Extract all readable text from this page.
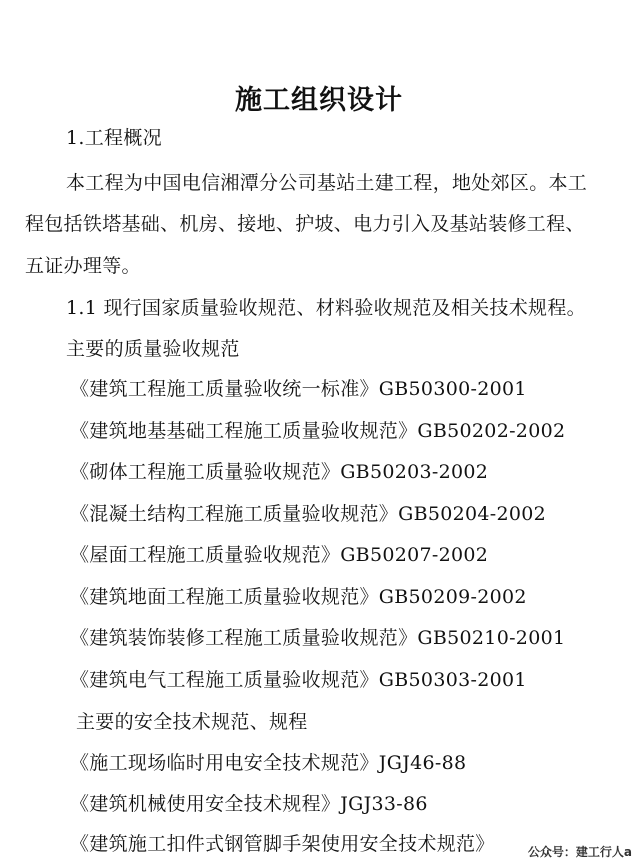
施工组织设计
1.工程概况
本工程为中国电信湘潭分公司基站土建工程，地处郊区。本工
程包括铁塔基础、机房、接地、护坡、电力引入及基站装修工程、
五证办理等。
1.1 现行国家质量验收规范、材料验收规范及相关技术规程。
主要的质量验收规范
《建筑工程施工质量验收统一标准》GB50300-2001
《建筑地基基础工程施工质量验收规范》GB50202-2002
《砌体工程施工质量验收规范》GB50203-2002
《混凝土结构工程施工质量验收规范》GB50204-2002
《屋面工程施工质量验收规范》GB50207-2002
《建筑地面工程施工质量验收规范》GB50209-2002
《建筑装饰装修工程施工质量验收规范》GB50210-2001
《建筑电气工程施工质量验收规范》GB50303-2001
主要的安全技术规范、规程
《施工现场临时用电安全技术规范》JGJ46-88
《建筑机械使用安全技术规程》JGJ33-86
《建筑施工扣件式钢管脚手架使用安全技术规范》	公众号：建工行人a
